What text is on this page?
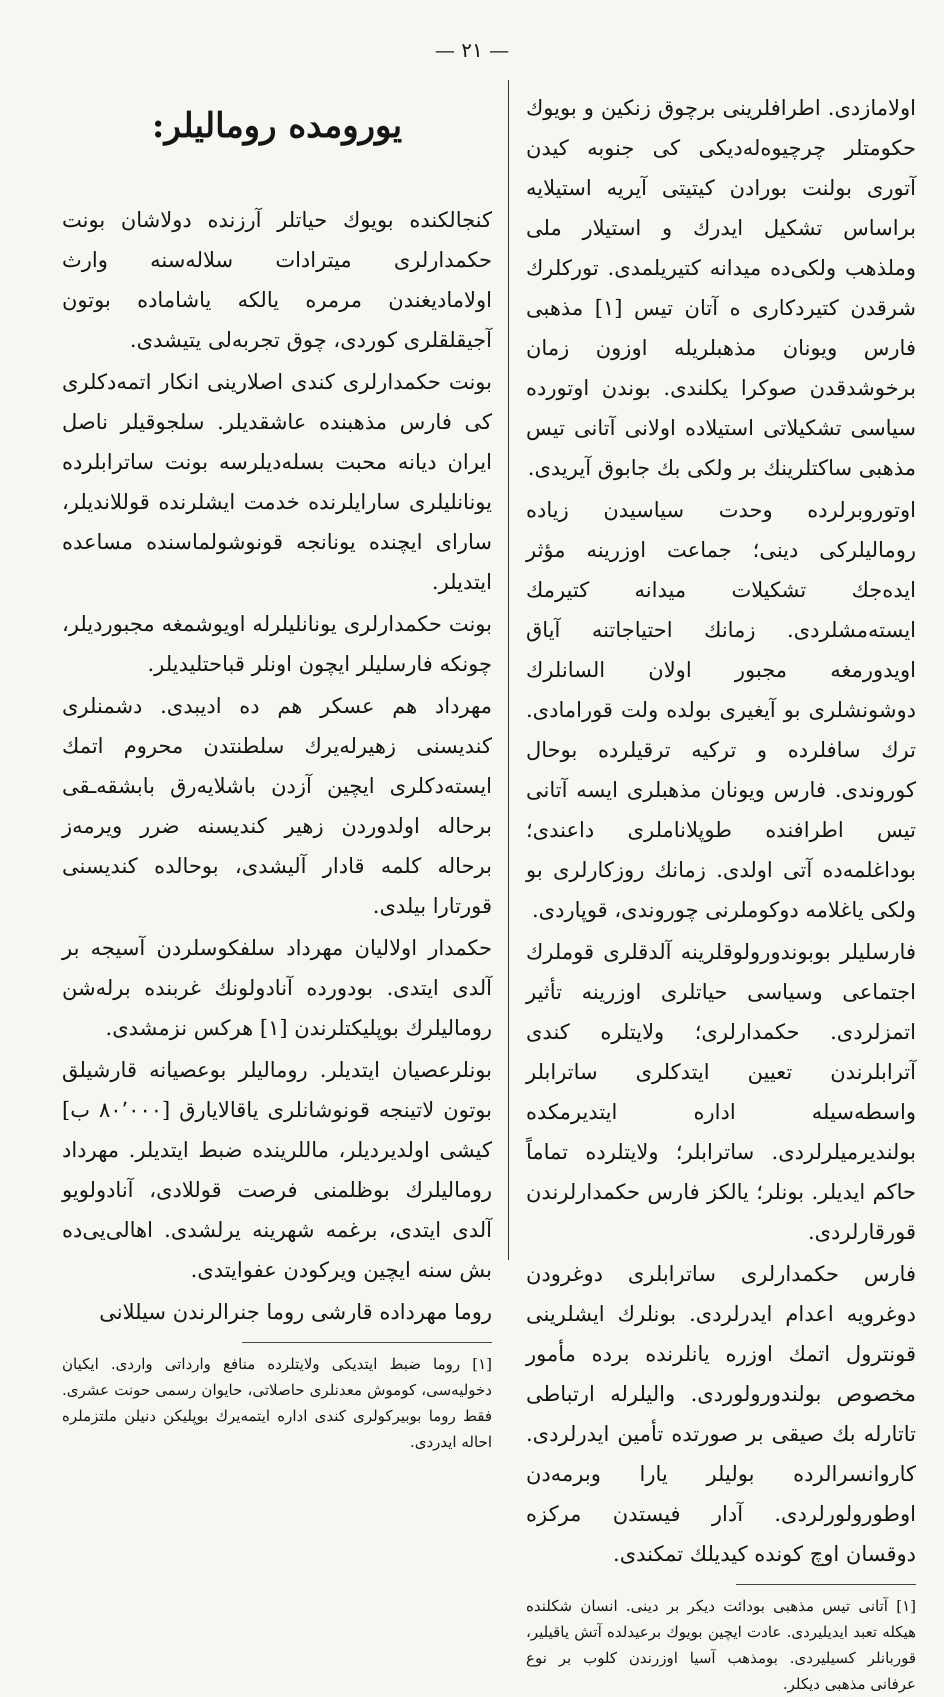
— ۲۱ —

اولامازدی. اطرافلرینی برچوق زنکین و بویوك حکومتلر چرچیوه‌له‌دیکی کی جنوبه کیدن آتوری بولنت بورادن کیتیتی آیریه استیلایه براساس تشکیل ایدرك و استیلار ملی وملذهب ولکی‌ده میدانه کتیریلمدی. توركلرك شرقدن کتیردکاری ه آتان تیس [۱] مذهبی فارس ویونان مذهبلریله اوزون زمان برخوشدقدن صوکرا یکلندی. بوندن اوتورده سیاسی تشکیلاتی استیلاده اولانی آتانی تیس مذهبی ساکتلرینك بر ولکی بك جابوق آیریدی.

اوتوروبرلرده وحدت سیاسیدن زیاده رومالیلرکی دینی؛ جماعت اوزرینه مؤثر ایدەجك تشکیلات میدانه کتیرمك ایسته‌مشلردی. زمانك احتیاجاتنه آیاق اویدورمغه مجبور اولان السانلرك دوشونشلری بو آیغیری بولده ولت قورامادی. ترك سافلرده و ترکیه ترقیلرده بوحال کوروندی. فارس ویونان مذهبلری ایسه آتانی تیس اطرافنده طوپلاناملری داعندی؛ بوداغلمه‌ده آتی اولدی. زمانك روزکارلری بو ولکی یاغلامه دوکوملرنی چوروندی، قوپاردی.

فارسلیلر بوبوندورولوقلرینه آلدقلری قوملرك اجتماعی وسیاسی حیاتلری اوزرینه تأثیر اتمزلردی. حکمدارلری؛ ولایتلره کندی آترابلرندن تعیین ایتدکلری ساترابلر واسطه‌سیله اداره ایتدیرمکده بولندیرمیلرلردی. ساترابلر؛ ولایتلرده تماماً حاکم ایدیلر. بونلر؛ یالکز فارس حکمدارلرندن قورقارلردی.

فارس حکمدارلری ساترابلری دوغرودن دوغرویه اعدام ایدرلردی. بونلرك ایشلرینی قونترول اتمك اوزره یانلرنده برده مأمور مخصوص بولندورولوردی. والیلرله ارتباطی تاتارله بك صیقی بر صورتده تأمین ایدرلردی. کاروانسرالرده بولیلر یارا وبرمەدن اوطورولورلردی. آدار فیستدن مرکزه دوقسان اوچ کونده کیدیلك تمکندی.

[۱] آتانی تیس مذهبی بودائت دیکر بر دینی. انسان شکلنده هیکله تعبد ایدیلیردی. عادت ایچین بویوك برعیدلده آتش یاقیلیر، قوربانلر کسیلیردی. بومذهب آسیا اوزرندن کلوب بر نوع عرفانی مذهبی دیکلر.
یورومده رومالیلر:

کنجالکنده بویوك حیاتلر آرزنده دولاشان بونت حکمدارلری میترادات سلاله‌سنه وارث اولامادیغندن مرمره یالکه یاشاماده بوتون آجیقلقلری کوردی، چوق تجربه‌لی یتیشدی.

بونت حکمدارلری کندی اصلارینی انکار اتمه‌دکلری کی فارس مذهبنده عاشقدیلر. سلجوقیلر ناصل ایران دیانه محبت بسله‌دیلرسه بونت ساترابلرده یونانلیلری سارایلرنده خدمت ایشلرنده قوللاندیلر، سارای ایچنده یونانجه قونوشولماسنده مساعده ایتدیلر.

بونت حکمدارلری یونانلیلرله اویوشمغه مجبوردیلر، چونکه فارسلیلر ایچون اونلر قباحتلیدیلر.

مهرداد هم عسکر هم ده ادیبدی. دشمنلری کندیسنی زهیرله‌یرك سلطنتدن محروم اتمك ایسته‌دکلری ایچین آزدن باشلایه‌رق بابشقه‌ـقی برحاله اولدوردن زهیر کندیسنه ضرر ویرمەز برحاله کلمه قادار آلیشدی، بوحالده کندیسنی قورتارا بیلدی.

حکمدار اولالیان مهرداد سلفکوسلردن آسیجه بر آلدی ایتدی. بودورده آنادولونك غربنده برلەشن رومالیلرك بوپلیکتلرندن [۱] هرکس نزمشدی.

بونلرعصیان ایتدیلر. رومالیلر بوعصیانه قارشیلق بوتون لاتینجه قونوشانلری یاقالایارق [۸۰٬۰۰۰ ب] کیشی اولدیردیلر، ماللرینده ضبط ایتدیلر. مهرداد رومالیلرك بوظلمنی فرصت قوللادی، آنادولویو آلدی ایتدی، برغمه شهرینه یرلشدی. اهالی‌یی‌ده بش سنه ایچین ویرکودن عفوایتدی.

روما مهرداده قارشی روما جنرالرندن سیللانی

[۱] روما ضبط ایتدیکی ولایتلرده منافع وارداتی واردی. ایکیان دخولیه‌سی، کوموش معدنلری حاصلاتی، حایوان رسمی حونت عشری. فقط روما بوبیرکولری کندی اداره ایتمەیرك بوپلیکن دنیلن ملتزملره احاله ایدردی.
